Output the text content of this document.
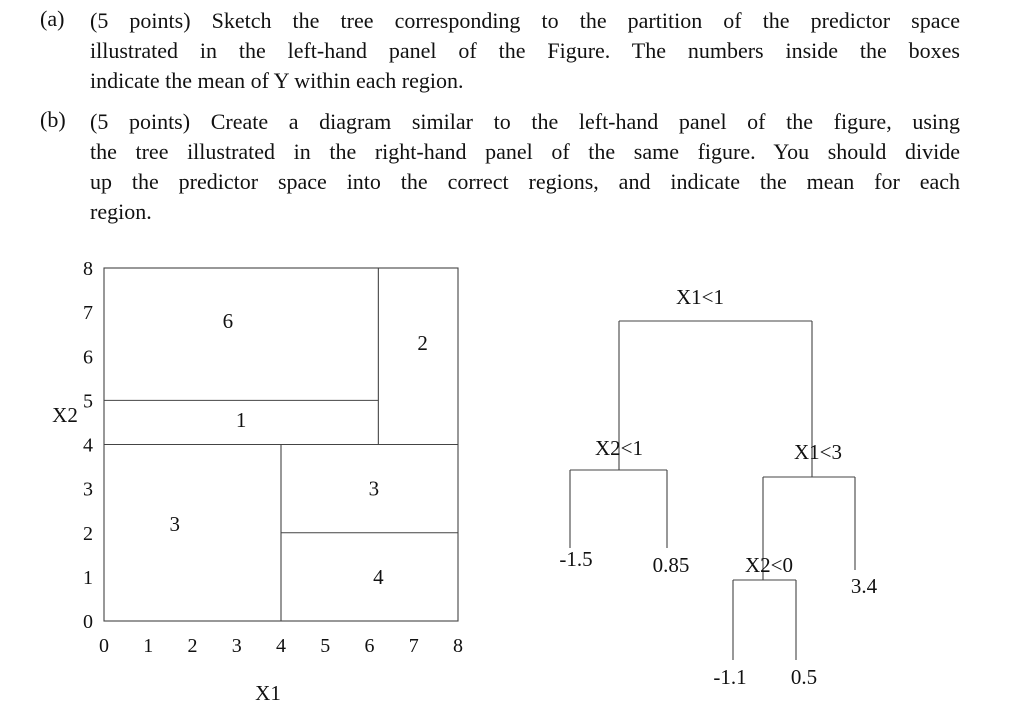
(a) (5 points) Sketch the tree corresponding to the partition of the predictor space
illustrated in the left-hand panel of the Figure. The numbers inside the boxes
indicate the mean of Y within each region.
(b) (5 points) Create a diagram similar to the left-hand panel of the figure, using
the tree illustrated in the right-hand panel of the same figure. You should divide
up the predictor space into the correct regions, and indicate the mean for each
region.
6
2
1
3
3
4
0 1 2 3 4 5 6 7 8
0
1
2
3
4
5
6
7
8
X1
X2
X1<1
X2<1
-1.5	0.85
X1<3
3.4
X2<0
-1.1 0.5
